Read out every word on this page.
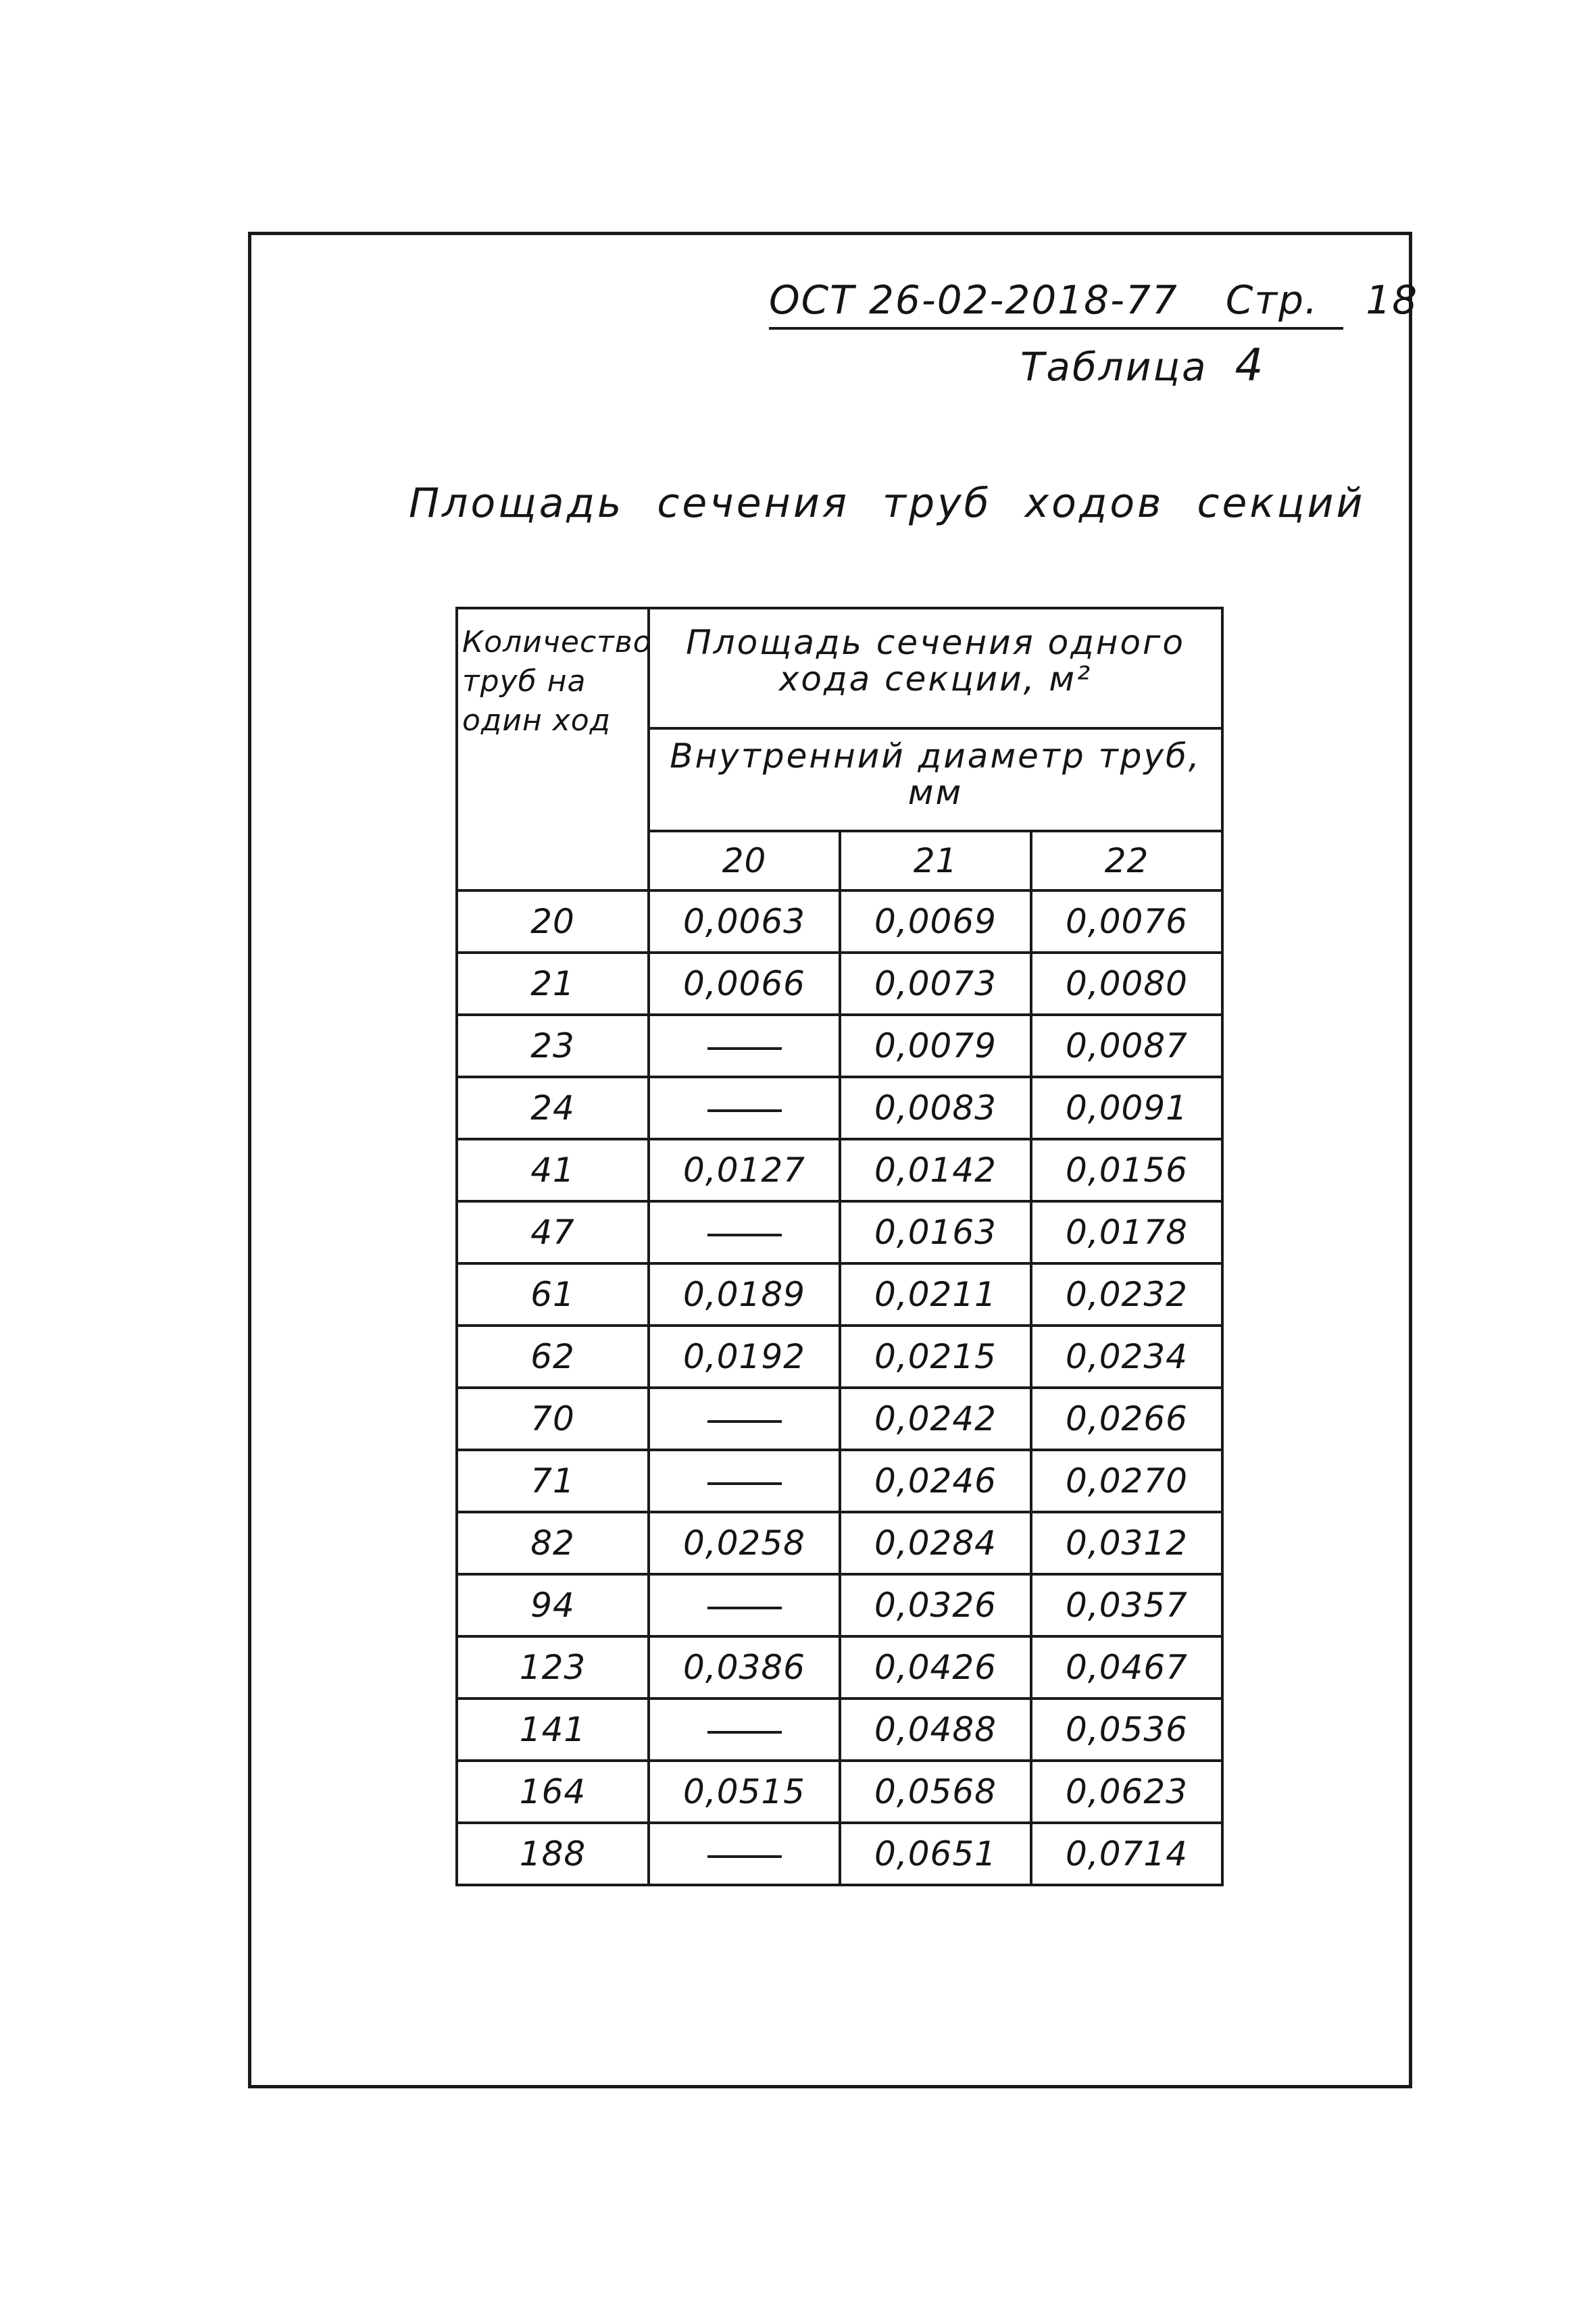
ОСТ 26-02-2018-77 Стр. 18
Таблица 4
Площадь сечения труб ходов секций
Количество труб на один ход	Площадь сечения одного хода секции, м²		
	Внутренний диаметр труб, мм		
	20	21	22
20	0,0063	0,0069	0,0076
21	0,0066	0,0073	0,0080
23		0,0079	0,0087
24		0,0083	0,0091
41	0,0127	0,0142	0,0156
47		0,0163	0,0178
61	0,0189	0,0211	0,0232
62	0,0192	0,0215	0,0234
70		0,0242	0,0266
71		0,0246	0,0270
82	0,0258	0,0284	0,0312
94		0,0326	0,0357
123	0,0386	0,0426	0,0467
141		0,0488	0,0536
164	0,0515	0,0568	0,0623
188		0,0651	0,0714
